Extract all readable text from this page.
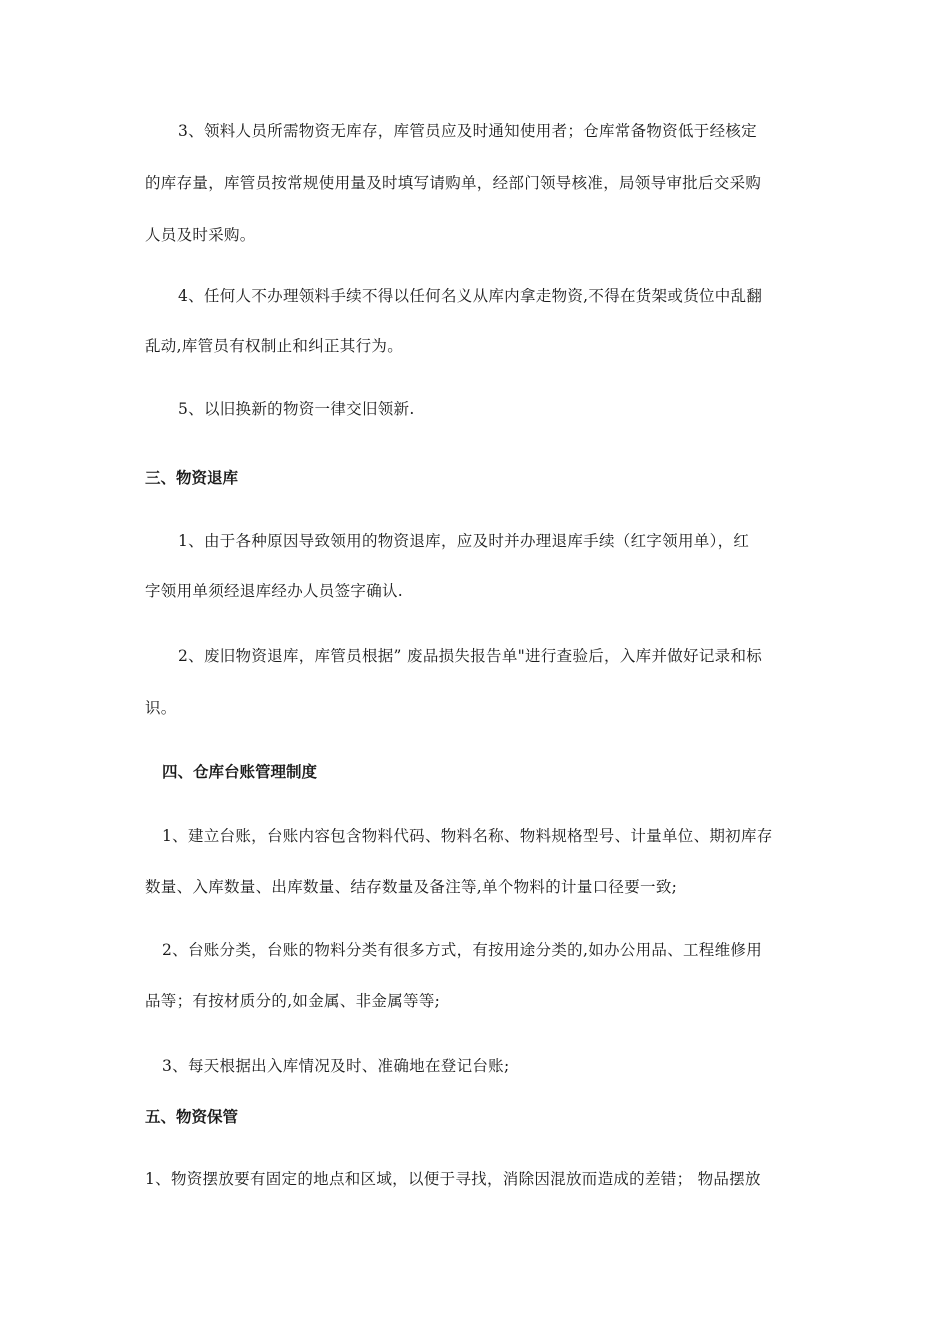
3、领料人员所需物资无库存，库管员应及时通知使用者；仓库常备物资低于经核定
的库存量，库管员按常规使用量及时填写请购单，经部门领导核准，局领导审批后交采购
人员及时采购。
4、任何人不办理领料手续不得以任何名义从库内拿走物资,不得在货架或货位中乱翻
乱动,库管员有权制止和纠正其行为。
5、以旧换新的物资一律交旧领新.
三、物资退库
1、由于各种原因导致领用的物资退库，应及时并办理退库手续（红字领用单），红
字领用单须经退库经办人员签字确认.
2、废旧物资退库，库管员根据” 废品损失报告单"进行查验后，入库并做好记录和标
识。
四、仓库台账管理制度
1、建立台账，台账内容包含物料代码、物料名称、物料规格型号、计量单位、期初库存
数量、入库数量、出库数量、结存数量及备注等,单个物料的计量口径要一致;
2、台账分类，台账的物料分类有很多方式，有按用途分类的,如办公用品、工程维修用
品等；有按材质分的,如金属、非金属等等;
3、每天根据出入库情况及时、准确地在登记台账;
五、物资保管
1、物资摆放要有固定的地点和区域，以便于寻找，消除因混放而造成的差错； 物品摆放
